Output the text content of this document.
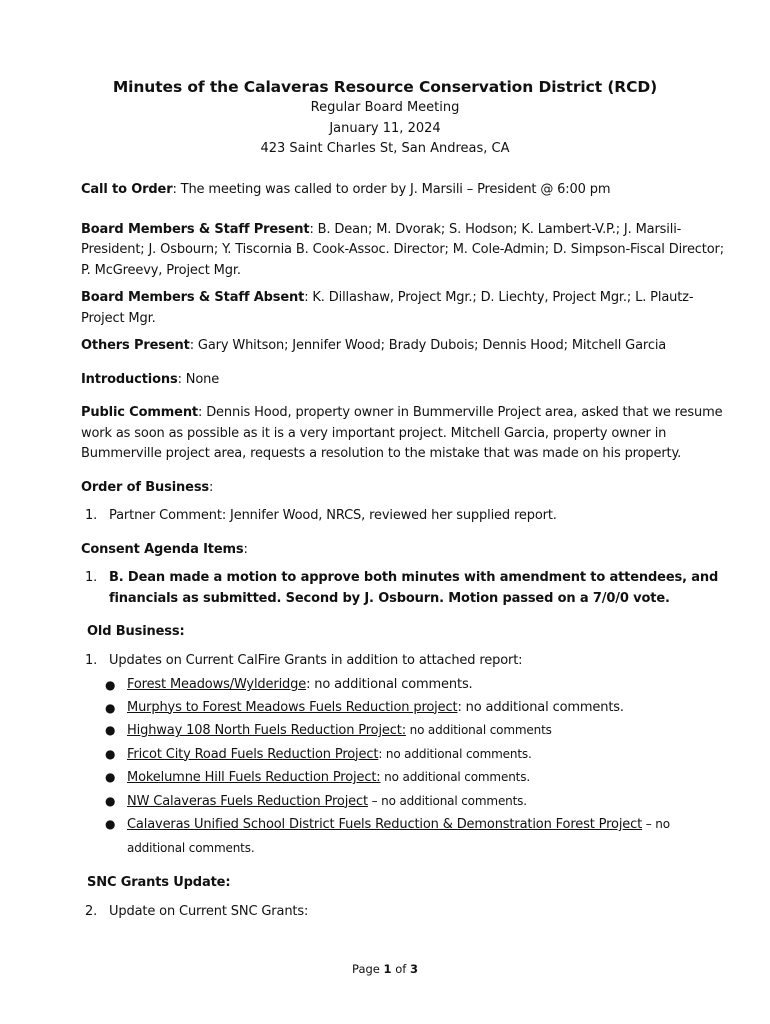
Minutes of the Calaveras Resource Conservation District (RCD)
Regular Board Meeting
January 11, 2024
423 Saint Charles St, San Andreas, CA

Call to Order: The meeting was called to order by J. Marsili – President @ 6:00 pm

Board Members & Staff Present: B. Dean; M. Dvorak; S. Hodson; K. Lambert-V.P.; J. Marsili-President; J. Osbourn; Y. Tiscornia B. Cook-Assoc. Director; M. Cole-Admin; D. Simpson-Fiscal Director; P. McGreevy, Project Mgr.

Board Members & Staff Absent: K. Dillashaw, Project Mgr.; D. Liechty, Project Mgr.; L. Plautz-Project Mgr.

Others Present: Gary Whitson; Jennifer Wood; Brady Dubois; Dennis Hood; Mitchell Garcia

Introductions: None

Public Comment: Dennis Hood, property owner in Bummerville Project area, asked that we resume work as soon as possible as it is a very important project. Mitchell Garcia, property owner in Bummerville project area, requests a resolution to the mistake that was made on his property.

Order of Business:

1. Partner Comment: Jennifer Wood, NRCS, reviewed her supplied report.

Consent Agenda Items:

1. B. Dean made a motion to approve both minutes with amendment to attendees, and financials as submitted. Second by J. Osbourn. Motion passed on a 7/0/0 vote.

Old Business:

1. Updates on Current CalFire Grants in addition to attached report:
● Forest Meadows/Wylderidge: no additional comments.
● Murphys to Forest Meadows Fuels Reduction project: no additional comments.
● Highway 108 North Fuels Reduction Project: no additional comments
● Fricot City Road Fuels Reduction Project: no additional comments.
● Mokelumne Hill Fuels Reduction Project: no additional comments.
● NW Calaveras Fuels Reduction Project – no additional comments.
● Calaveras Unified School District Fuels Reduction & Demonstration Forest Project – no additional comments.

SNC Grants Update:

2. Update on Current SNC Grants:
Page 1 of 3
